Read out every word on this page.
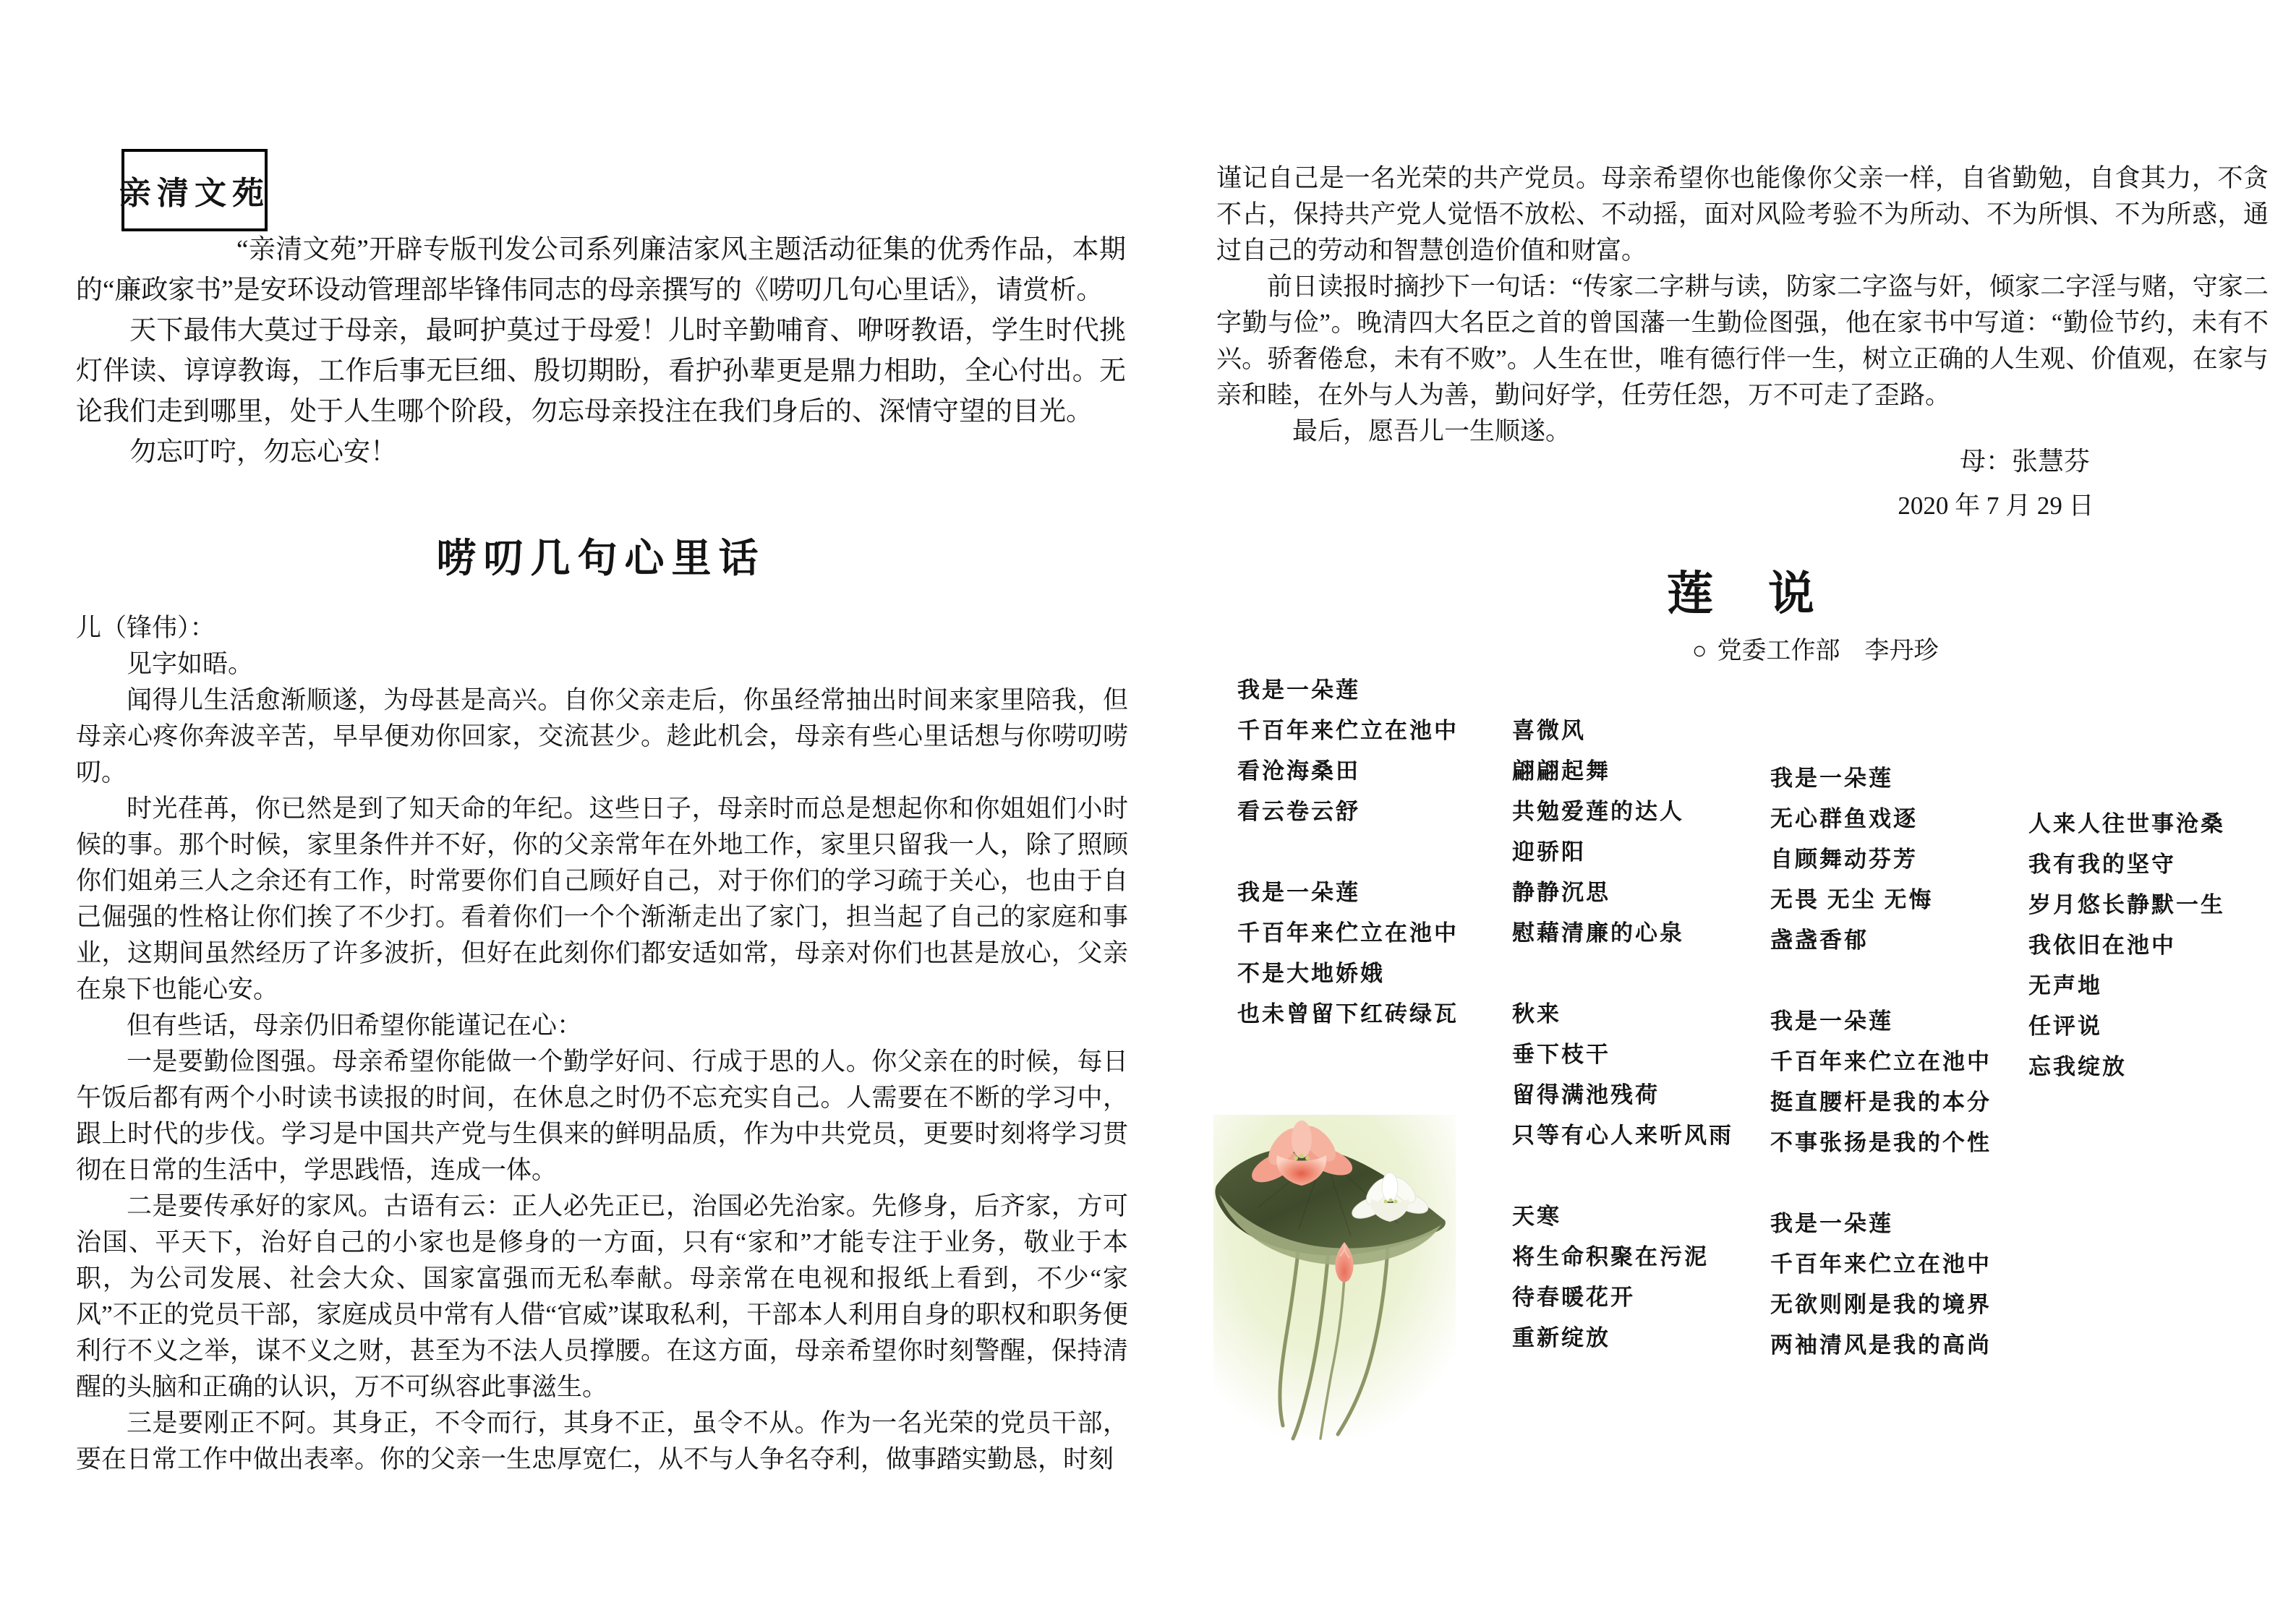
亲清文苑

“亲清文苑”开辟专版刊发公司系列廉洁家风主题活动征集的优秀作品，本期的“廉政家书”是安环设动管理部毕锋伟同志的母亲撰写的《唠叨几句心里话》，请赏析。

天下最伟大莫过于母亲，最呵护莫过于母爱！儿时辛勤哺育、咿呀教语，学生时代挑灯伴读、谆谆教诲，工作后事无巨细、殷切期盼，看护孙辈更是鼎力相助，全心付出。无论我们走到哪里，处于人生哪个阶段，勿忘母亲投注在我们身后的、深情守望的目光。

勿忘叮咛，勿忘心安！

唠叨几句心里话

儿（锋伟）：

见字如晤。

闻得儿生活愈渐顺遂，为母甚是高兴。自你父亲走后，你虽经常抽出时间来家里陪我，但母亲心疼你奔波辛苦，早早便劝你回家，交流甚少。趁此机会，母亲有些心里话想与你唠叨唠叨。

时光荏苒，你已然是到了知天命的年纪。这些日子，母亲时而总是想起你和你姐姐们小时候的事。那个时候，家里条件并不好，你的父亲常年在外地工作，家里只留我一人，除了照顾你们姐弟三人之余还有工作，时常要你们自己顾好自己，对于你们的学习疏于关心，也由于自己倔强的性格让你们挨了不少打。看着你们一个个渐渐走出了家门，担当起了自己的家庭和事业，这期间虽然经历了许多波折，但好在此刻你们都安适如常，母亲对你们也甚是放心，父亲在泉下也能心安。

但有些话，母亲仍旧希望你能谨记在心：

一是要勤俭图强。母亲希望你能做一个勤学好问、行成于思的人。你父亲在的时候，每日午饭后都有两个小时读书读报的时间，在休息之时仍不忘充实自己。人需要在不断的学习中，跟上时代的步伐。学习是中国共产党与生俱来的鲜明品质，作为中共党员，更要时刻将学习贯彻在日常的生活中，学思践悟，连成一体。

二是要传承好的家风。古语有云：正人必先正已，治国必先治家。先修身，后齐家，方可治国、平天下，治好自己的小家也是修身的一方面，只有“家和”才能专注于业务，敬业于本职，为公司发展、社会大众、国家富强而无私奉献。母亲常在电视和报纸上看到，不少“家风”不正的党员干部，家庭成员中常有人借“官威”谋取私利，干部本人利用自身的职权和职务便利行不义之举，谋不义之财，甚至为不法人员撑腰。在这方面，母亲希望你时刻警醒，保持清醒的头脑和正确的认识，万不可纵容此事滋生。

三是要刚正不阿。其身正，不令而行，其身不正，虽令不从。作为一名光荣的党员干部，要在日常工作中做出表率。你的父亲一生忠厚宽仁，从不与人争名夺利，做事踏实勤恳，时刻

谨记自己是一名光荣的共产党员。母亲希望你也能像你父亲一样，自省勤勉，自食其力，不贪不占，保持共产党人觉悟不放松、不动摇，面对风险考验不为所动、不为所惧、不为所惑，通过自己的劳动和智慧创造价值和财富。

前日读报时摘抄下一句话：“传家二字耕与读，防家二字盗与奸，倾家二字淫与赌，守家二字勤与俭”。晚清四大名臣之首的曾国藩一生勤俭图强，他在家书中写道：“勤俭节约，未有不兴。骄奢倦怠，未有不败”。人生在世，唯有德行伴一生，树立正确的人生观、价值观，在家与亲和睦，在外与人为善，勤问好学，任劳任怨，万不可走了歪路。

最后，愿吾儿一生顺遂。

母：张慧芬

2020 年 7 月 29 日

莲　说

○ 党委工作部　李丹珍

我是一朵莲
千百年来伫立在池中
看沧海桑田
看云卷云舒
我是一朵莲
千百年来伫立在池中
不是大地娇娥
也未曾留下红砖绿瓦
喜微风
翩翩起舞
共勉爱莲的达人
迎骄阳
静静沉思
慰藉清廉的心泉
秋来
垂下枝干
留得满池残荷
只等有心人来听风雨
天寒
将生命积聚在污泥
待春暖花开
重新绽放
我是一朵莲
无心群鱼戏逐
自顾舞动芬芳
无畏 无尘 无悔
盏盏香郁
我是一朵莲
千百年来伫立在池中
挺直腰杆是我的本分
不事张扬是我的个性
我是一朵莲
千百年来伫立在池中
无欲则刚是我的境界
两袖清风是我的高尚
人来人往世事沧桑
我有我的坚守
岁月悠长静默一生
我依旧在池中
无声地
任评说
忘我绽放
